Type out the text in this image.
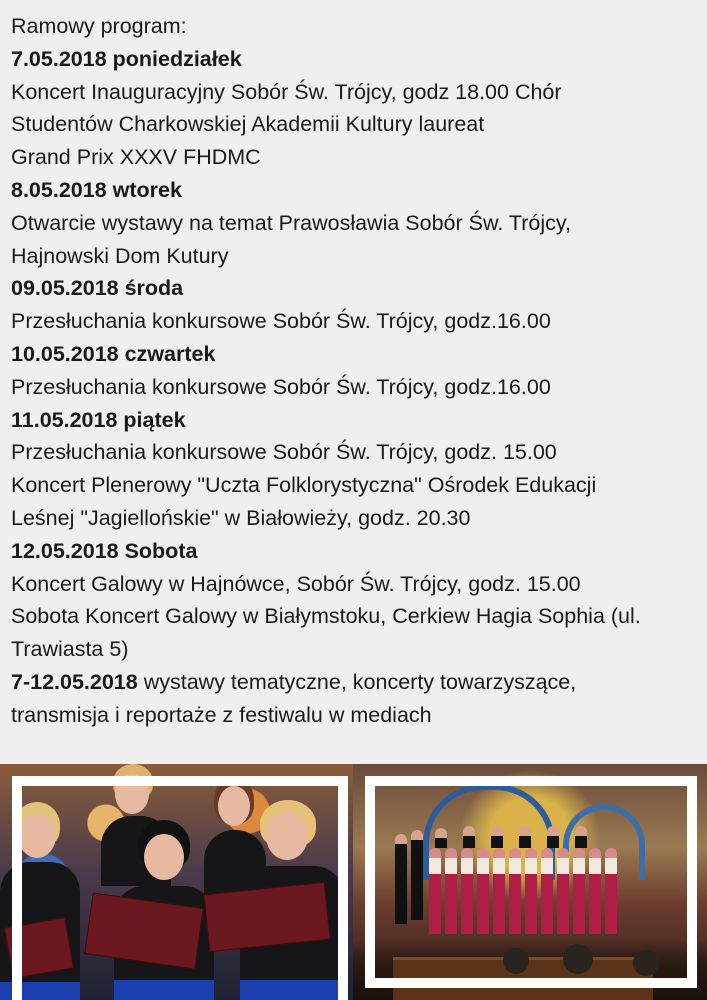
Ramowy program:

7.05.2018 poniedziałek

Koncert Inauguracyjny Sobór Św. Trójcy, godz 18.00 Chór

Studentów Charkowskiej Akademii Kultury laureat

Grand Prix XXXV FHDMC

8.05.2018 wtorek

Otwarcie wystawy na temat Prawosławia Sobór Św. Trójcy,

Hajnowski Dom Kutury

09.05.2018 środa

Przesłuchania konkursowe Sobór Św. Trójcy, godz.16.00

10.05.2018 czwartek

Przesłuchania konkursowe Sobór Św. Trójcy, godz.16.00

11.05.2018 piątek

Przesłuchania konkursowe Sobór Św. Trójcy, godz. 15.00

Koncert Plenerowy "Uczta Folklorystyczna" Ośrodek Edukacji

Leśnej "Jagiellońskie" w Białowieży, godz. 20.30

12.05.2018 Sobota

Koncert Galowy w Hajnówce, Sobór Św. Trójcy, godz. 15.00

Sobota Koncert Galowy w Białymstoku, Cerkiew Hagia Sophia (ul.

Trawiasta 5)

7-12.05.2018 wystawy tematyczne, koncerty towarzyszące,

transmisja i reportaże z festiwalu w mediach
